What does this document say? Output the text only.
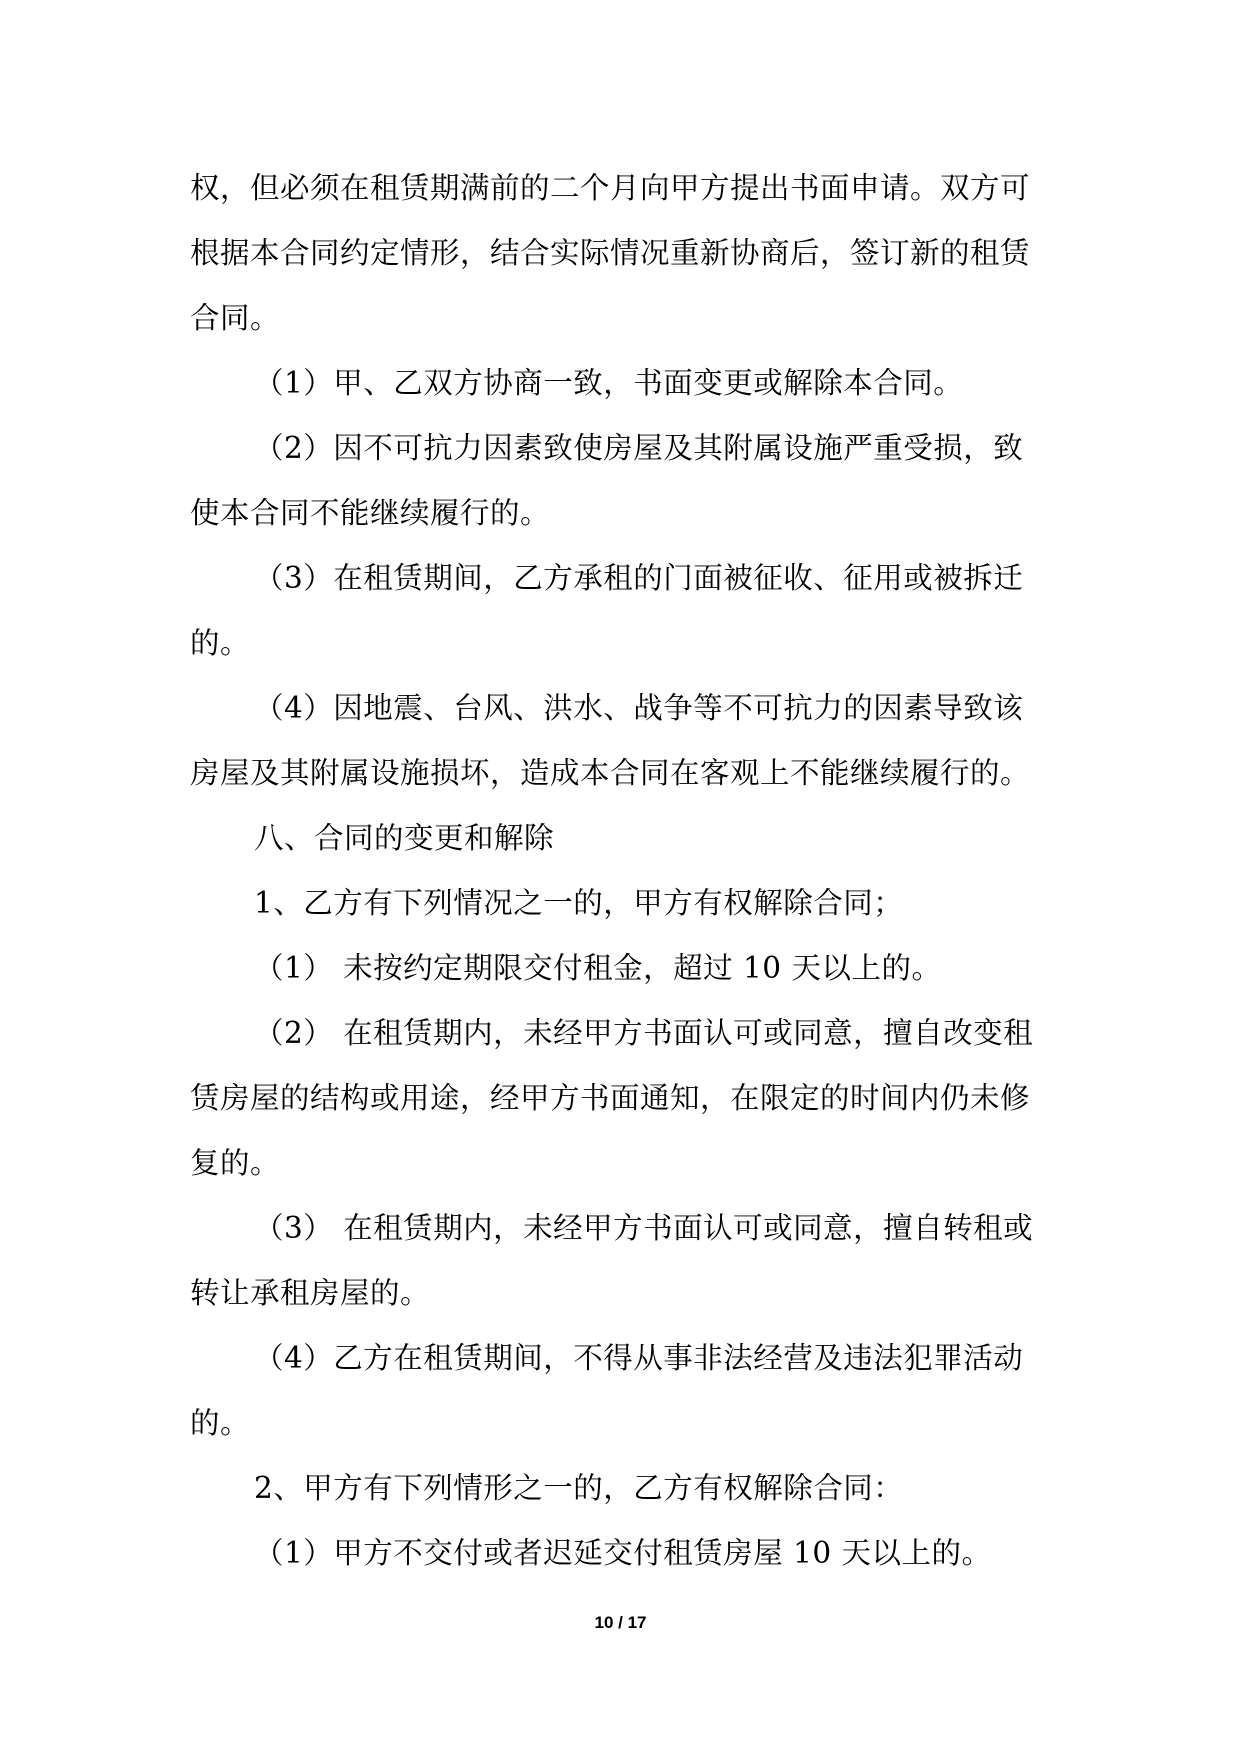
权，但必须在租赁期满前的二个月向甲方提出书面申请。双方可
根据本合同约定情形，结合实际情况重新协商后，签订新的租赁
合同。
（1）甲、乙双方协商一致，书面变更或解除本合同。
（2）因不可抗力因素致使房屋及其附属设施严重受损，致
使本合同不能继续履行的。
（3）在租赁期间，乙方承租的门面被征收、征用或被拆迁
的。
（4）因地震、台风、洪水、战争等不可抗力的因素导致该
房屋及其附属设施损坏，造成本合同在客观上不能继续履行的。
八、合同的变更和解除
1、乙方有下列情况之一的，甲方有权解除合同；
（1） 未按约定期限交付租金，超过 10 天以上的。
（2） 在租赁期内，未经甲方书面认可或同意，擅自改变租
赁房屋的结构或用途，经甲方书面通知，在限定的时间内仍未修
复的。
（3） 在租赁期内，未经甲方书面认可或同意，擅自转租或
转让承租房屋的。
（4）乙方在租赁期间，不得从事非法经营及违法犯罪活动
的。
2、甲方有下列情形之一的，乙方有权解除合同：
（1）甲方不交付或者迟延交付租赁房屋 10 天以上的。
10 / 17
